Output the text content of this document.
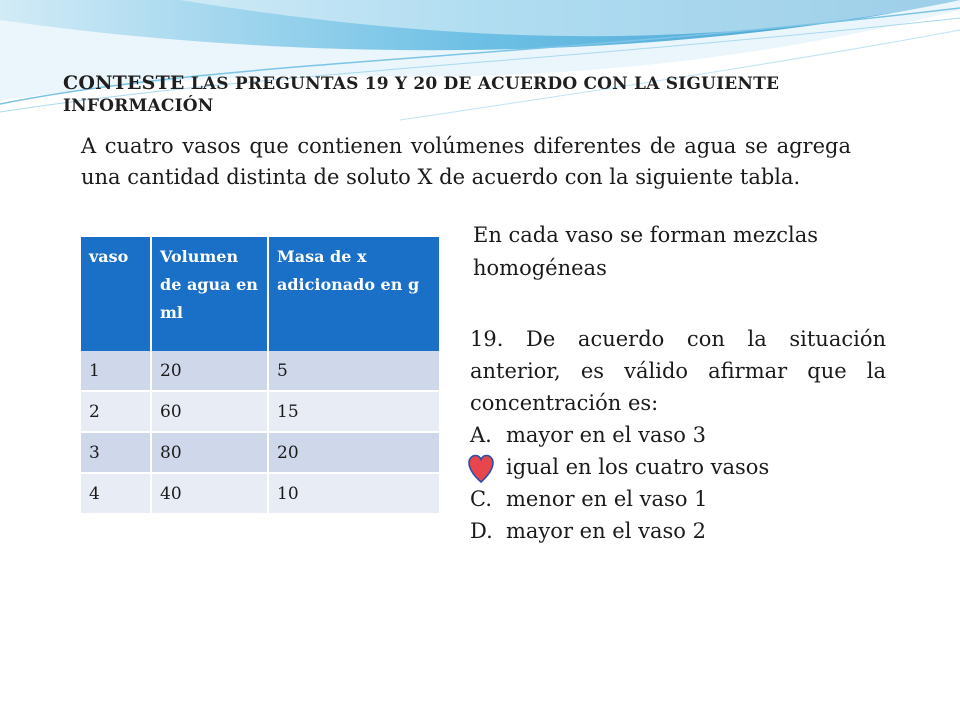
CONTESTE LAS PREGUNTAS 19 Y 20 DE ACUERDO CON LA SIGUIENTE INFORMACIÓN
A cuatro vasos que contienen volúmenes diferentes de agua se agrega una cantidad distinta de soluto X de acuerdo con la siguiente tabla.
En cada vaso se forman mezclas homogéneas
vaso	Volumen de agua en ml	Masa de x adicionado en g
1	20	5
2	60	15
3	80	20
4	40	10
19. De acuerdo con la situación anterior, es válido afirmar que la concentración es:
A. mayor en el vaso 3
igual en los cuatro vasos
C. menor en el vaso 1
D. mayor en el vaso 2
